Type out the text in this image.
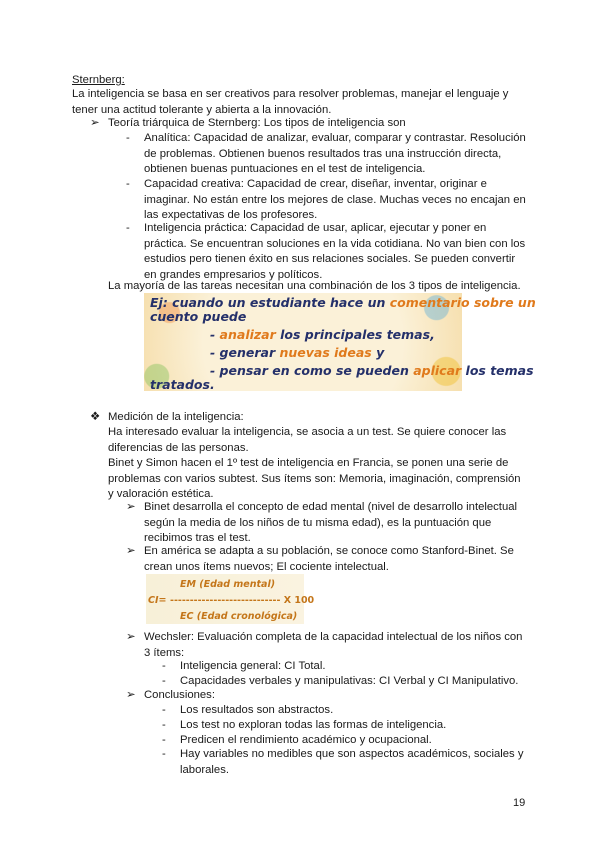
Sternberg:

La inteligencia se basa en ser creativos para resolver problemas, manejar el lenguaje y tener una actitud tolerante y abierta a la innovación.

➢ Teoría triárquica de Sternberg: Los tipos de inteligencia son
-	Analítica: Capacidad de analizar, evaluar, comparar y contrastar. Resolución de problemas. Obtienen buenos resultados tras una instrucción directa, obtienen buenas puntuaciones en el test de inteligencia.
-	Capacidad creativa: Capacidad de crear, diseñar, inventar, originar e imaginar. No están entre los mejores de clase. Muchas veces no encajan en las expectativas de los profesores.
-	Inteligencia práctica: Capacidad de usar, aplicar, ejecutar y poner en práctica. Se encuentran soluciones en la vida cotidiana. No van bien con los estudios pero tienen éxito en sus relaciones sociales. Se pueden convertir en grandes empresarios y políticos.

La mayoría de las tareas necesitan una combinación de los 3 tipos de inteligencia.

Ej: cuando un estudiante hace un comentario sobre un
cuento puede
- analizar los principales temas,
- generar nuevas ideas y
- pensar en como se pueden aplicar los temas
tratados.
❖ Medición de la inteligencia:

Ha interesado evaluar la inteligencia, se asocia a un test. Se quiere conocer las diferencias de las personas.

Binet y Simon hacen el 1º test de inteligencia en Francia, se ponen una serie de problemas con varios subtest. Sus ítems son: Memoria, imaginación, comprensión y valoración estética.

➢ Binet desarrolla el concepto de edad mental (nivel de desarrollo intelectual según la media de los niños de tu misma edad), es la puntuación que recibimos tras el test.
➢ En américa se adapta a su población, se conoce como Stanford-Binet. Se crean unos ítems nuevos; El cociente intelectual.
EM (Edad mental)
CI= ---------------------------- X 100
EC (Edad cronológica)
➢ Wechsler: Evaluación completa de la capacidad intelectual de los niños con 3 ítems:
-	Inteligencia general: CI Total.
-	Capacidades verbales y manipulativas: CI Verbal y CI Manipulativo.
➢ Conclusiones:
-	Los resultados son abstractos.
-	Los test no exploran todas las formas de inteligencia.
-	Predicen el rendimiento académico y ocupacional.
-	Hay variables no medibles que son aspectos académicos, sociales y laborales.
19
